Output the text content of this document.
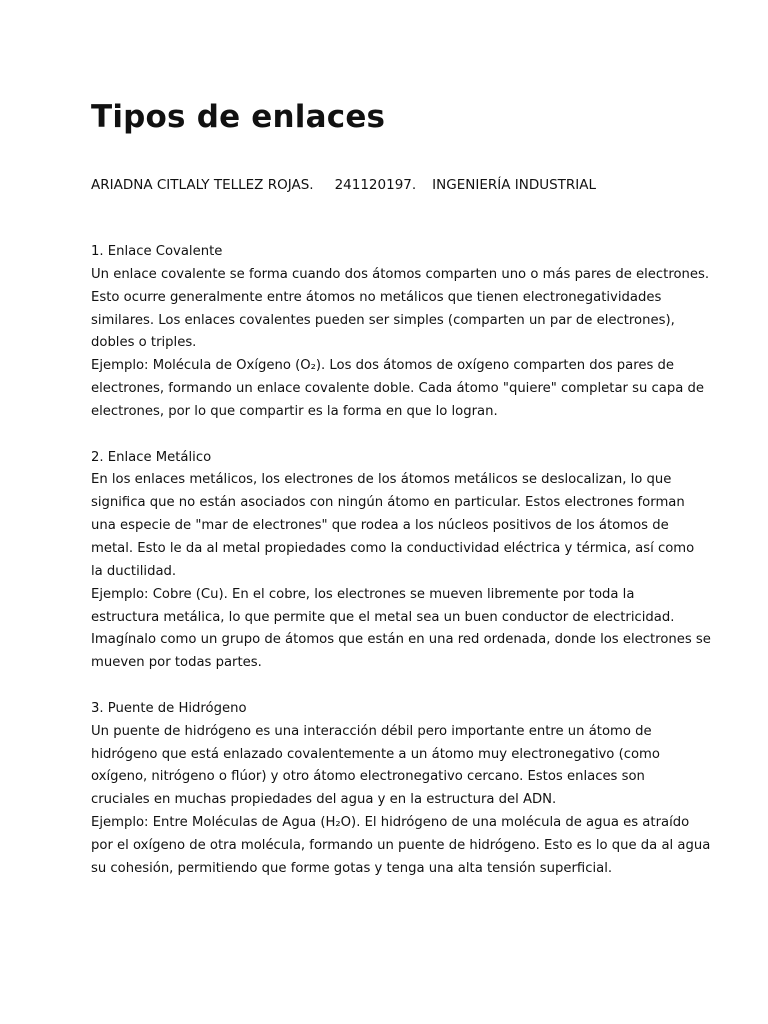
Tipos de enlaces
ARIADNA CITLALY TELLEZ ROJAS. 241120197. INGENIERÍA INDUSTRIAL
1. Enlace Covalente
Un enlace covalente se forma cuando dos átomos comparten uno o más pares de electrones.
Esto ocurre generalmente entre átomos no metálicos que tienen electronegatividades
similares. Los enlaces covalentes pueden ser simples (comparten un par de electrones),
dobles o triples.
Ejemplo: Molécula de Oxígeno (O₂). Los dos átomos de oxígeno comparten dos pares de
electrones, formando un enlace covalente doble. Cada átomo "quiere" completar su capa de
electrones, por lo que compartir es la forma en que lo logran.
2. Enlace Metálico
En los enlaces metálicos, los electrones de los átomos metálicos se deslocalizan, lo que
significa que no están asociados con ningún átomo en particular. Estos electrones forman
una especie de "mar de electrones" que rodea a los núcleos positivos de los átomos de
metal. Esto le da al metal propiedades como la conductividad eléctrica y térmica, así como
la ductilidad.
Ejemplo: Cobre (Cu). En el cobre, los electrones se mueven libremente por toda la
estructura metálica, lo que permite que el metal sea un buen conductor de electricidad.
Imagínalo como un grupo de átomos que están en una red ordenada, donde los electrones se
mueven por todas partes.
3. Puente de Hidrógeno
Un puente de hidrógeno es una interacción débil pero importante entre un átomo de
hidrógeno que está enlazado covalentemente a un átomo muy electronegativo (como
oxígeno, nitrógeno o flúor) y otro átomo electronegativo cercano. Estos enlaces son
cruciales en muchas propiedades del agua y en la estructura del ADN.
Ejemplo: Entre Moléculas de Agua (H₂O). El hidrógeno de una molécula de agua es atraído
por el oxígeno de otra molécula, formando un puente de hidrógeno. Esto es lo que da al agua
su cohesión, permitiendo que forme gotas y tenga una alta tensión superficial.
